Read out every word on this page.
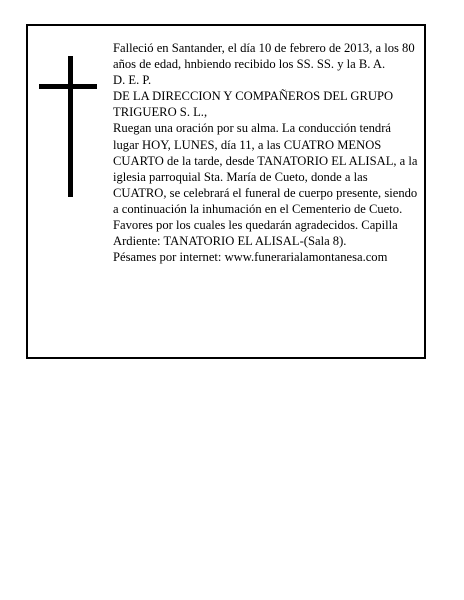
Falleció en Santander, el día 10 de febrero de 2013, a los 80 años de edad, hnbiendo recibido los SS. SS. y la B. A.

D. E. P.

DE LA DIRECCION Y COMPAÑEROS DEL GRUPO TRIGUERO S. L.,

Ruegan una oración por su alma. La conducción tendrá lugar HOY, LUNES, día 11, a las CUATRO MENOS CUARTO de la tarde, desde TANATORIO EL ALISAL, a la iglesia parroquial Sta. María de Cueto, donde a las CUATRO, se celebrará el funeral de cuerpo presente, siendo a continuación la inhumación en el Cementerio de Cueto. Favores por los cuales les quedarán agradecidos. Capilla Ardiente: TANATORIO EL ALISAL-(Sala 8).

Pésames por internet: www.funerarialamontanesa.com
